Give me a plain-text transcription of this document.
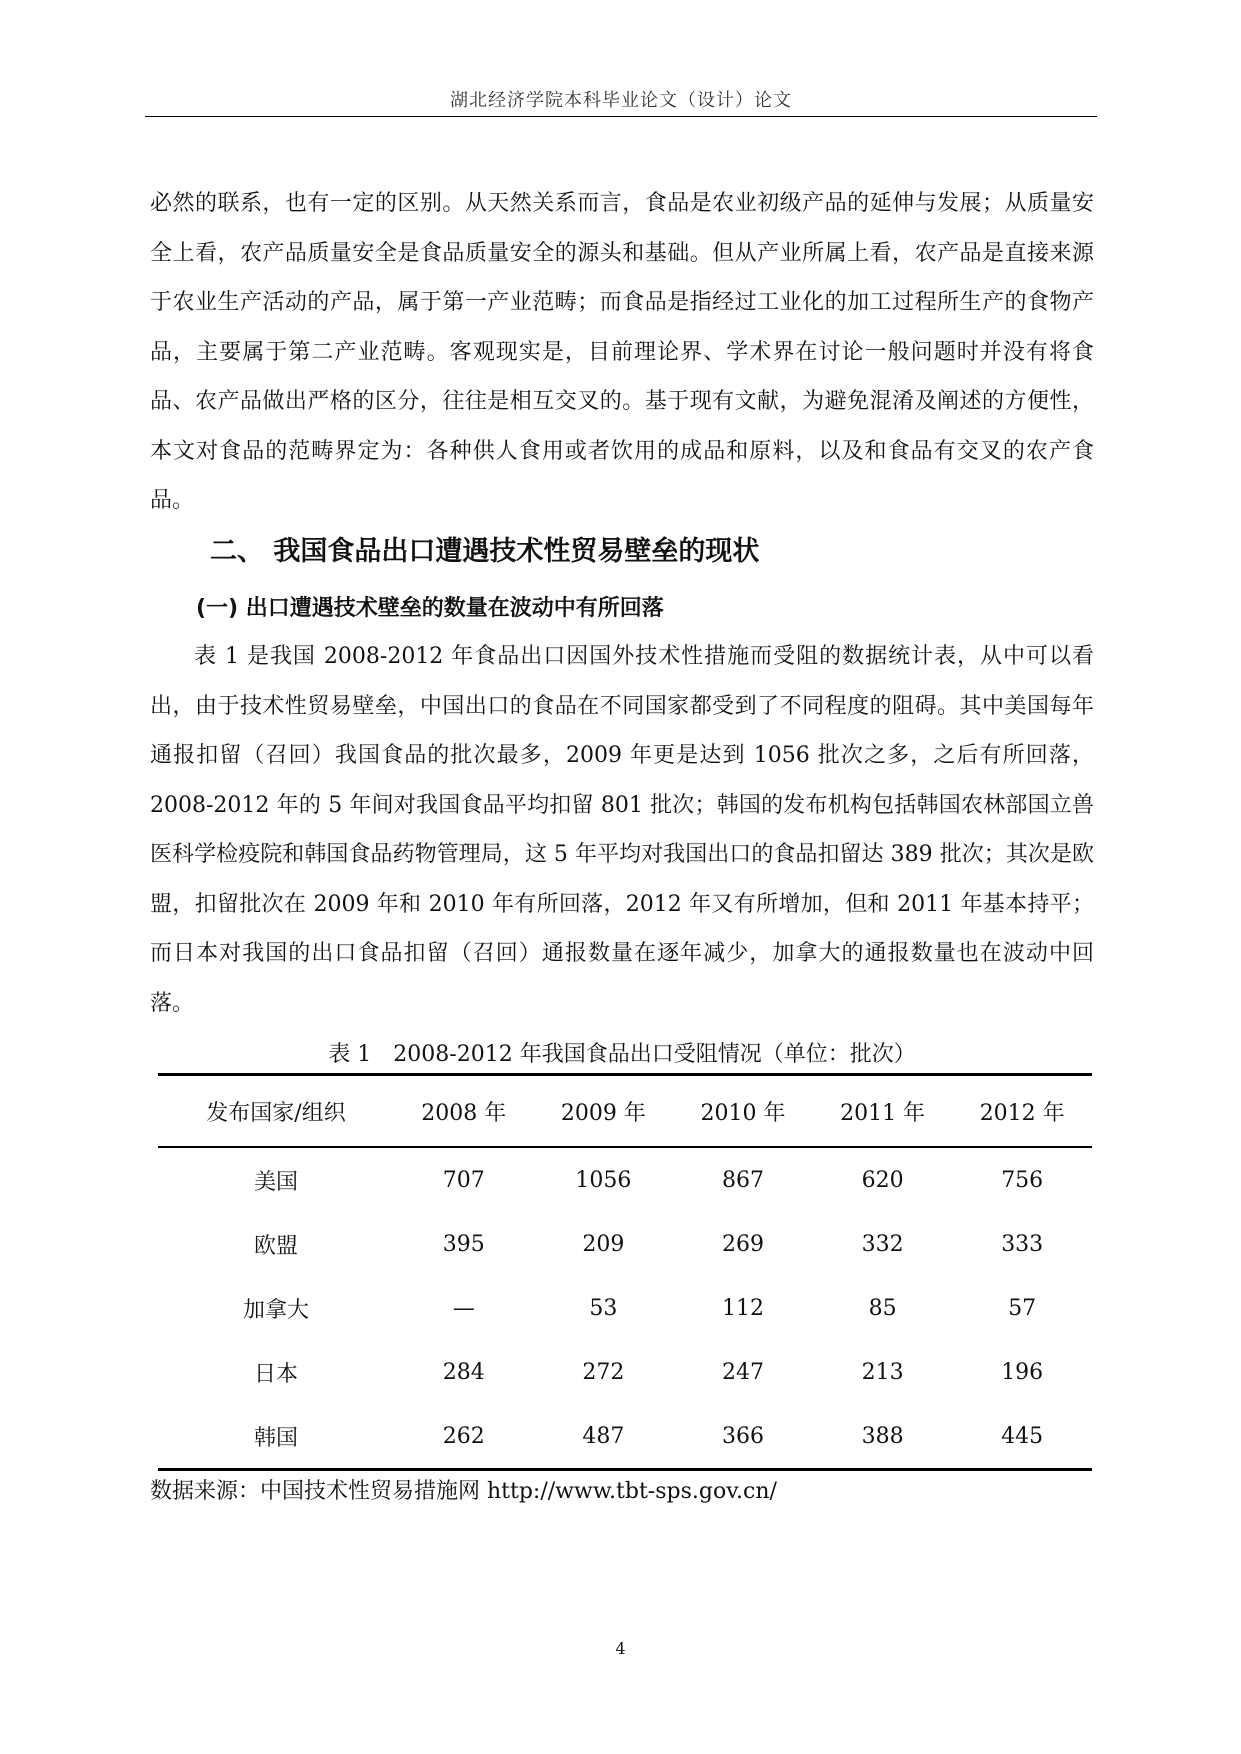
湖北经济学院本科毕业论文（设计）论文
必然的联系，也有一定的区别。从天然关系而言，食品是农业初级产品的延伸与发展；从质量安全上看，农产品质量安全是食品质量安全的源头和基础。但从产业所属上看，农产品是直接来源于农业生产活动的产品，属于第一产业范畴；而食品是指经过工业化的加工过程所生产的食物产品，主要属于第二产业范畴。客观现实是，目前理论界、学术界在讨论一般问题时并没有将食品、农产品做出严格的区分，往往是相互交叉的。基于现有文献，为避免混淆及阐述的方便性，本文对食品的范畴界定为：各种供人食用或者饮用的成品和原料，以及和食品有交叉的农产食品。
二、 我国食品出口遭遇技术性贸易壁垒的现状
(一) 出口遭遇技术壁垒的数量在波动中有所回落
表 1 是我国 2008-2012 年食品出口因国外技术性措施而受阻的数据统计表，从中可以看出，由于技术性贸易壁垒，中国出口的食品在不同国家都受到了不同程度的阻碍。其中美国每年通报扣留（召回）我国食品的批次最多，2009 年更是达到 1056 批次之多，之后有所回落，2008-2012 年的 5 年间对我国食品平均扣留 801 批次；韩国的发布机构包括韩国农林部国立兽医科学检疫院和韩国食品药物管理局，这 5 年平均对我国出口的食品扣留达 389 批次；其次是欧盟，扣留批次在 2009 年和 2010 年有所回落，2012 年又有所增加，但和 2011 年基本持平；而日本对我国的出口食品扣留（召回）通报数量在逐年减少，加拿大的通报数量也在波动中回落。
表 1　2008-2012 年我国食品出口受阻情况（单位：批次）
发布国家/组织	2008 年	2009 年	2010 年	2011 年	2012 年
美国	707	1056	867	620	756
欧盟	395	209	269	332	333
加拿大	—	53	112	85	57
日本	284	272	247	213	196
韩国	262	487	366	388	445
数据来源：中国技术性贸易措施网 http://www.tbt-sps.gov.cn/
4
